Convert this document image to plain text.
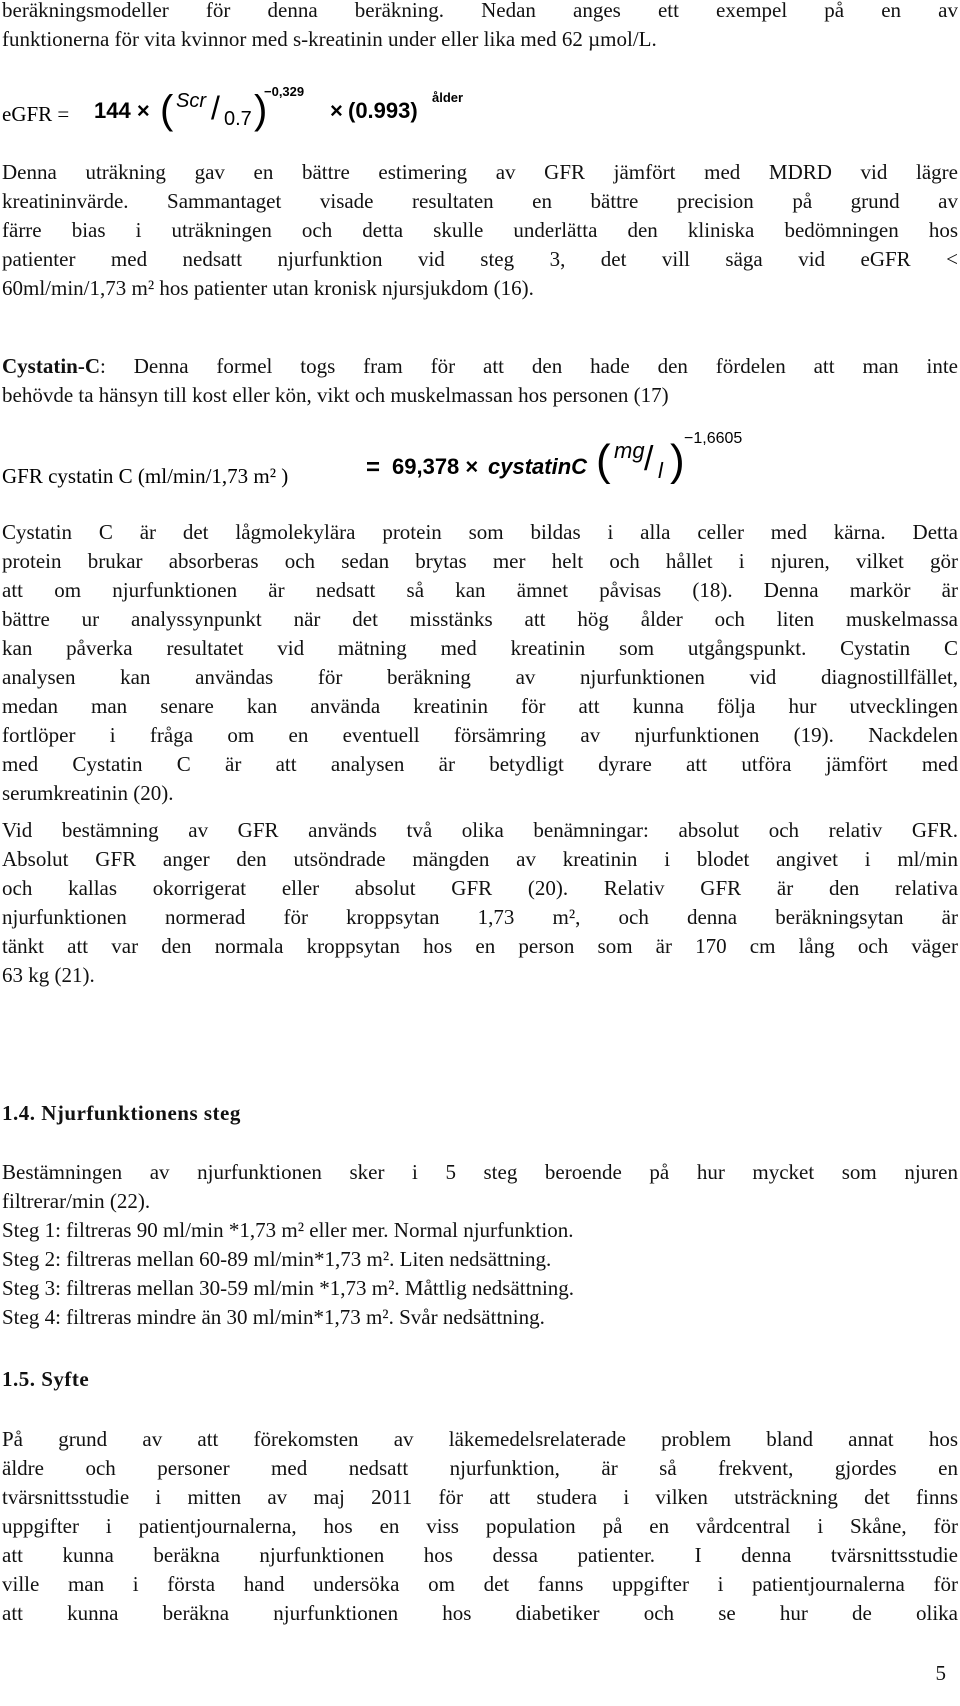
beräkningsmodeller för denna beräkning. Nedan anges ett exempel på en av
funktionerna för vita kvinnor med s-kreatinin under eller lika med 62 µmol/L.
eGFR = 144 × ( Scr / 0.7 )
−0,329
× (0.993)
ålder
Denna uträkning gav en bättre estimering av GFR jämfört med MDRD vid lägre
kreatininvärde. Sammantaget visade resultaten en bättre precision på grund av
färre bias i uträkningen och detta skulle underlätta den kliniska bedömningen hos
patienter med nedsatt njurfunktion vid steg 3, det vill säga vid eGFR <
60ml/min/1,73 m² hos patienter utan kronisk njursjukdom (16).
Cystatin-C: Denna formel togs fram för att den hade den fördelen att man inte
behövde ta hänsyn till kost eller kön, vikt och muskelmassan hos personen (17)
GFR cystatin C (ml/min/1,73 m² )	= 69,378 × cystatinC ( mg / l ) −1,6605
Cystatin C är det lågmolekylära protein som bildas i alla celler med kärna. Detta
protein brukar absorberas och sedan brytas mer helt och hållet i njuren, vilket gör
att om njurfunktionen är nedsatt så kan ämnet påvisas (18). Denna markör är
bättre ur analyssynpunkt när det misstänks att hög ålder och liten muskelmassa
kan påverka resultatet vid mätning med kreatinin som utgångspunkt. Cystatin C
analysen kan användas för beräkning av njurfunktionen vid diagnostillfället,
medan man senare kan använda kreatinin för att kunna följa hur utvecklingen
fortlöper i fråga om en eventuell försämring av njurfunktionen (19). Nackdelen
med Cystatin C är att analysen är betydligt dyrare att utföra jämfört med
serumkreatinin (20).
Vid bestämning av GFR används två olika benämningar: absolut och relativ GFR.
Absolut GFR anger den utsöndrade mängden av kreatinin i blodet angivet i ml/min
och kallas okorrigerat eller absolut GFR (20). Relativ GFR är den relativa
njurfunktionen normerad för kroppsytan 1,73 m², och denna beräkningsytan är
tänkt att var den normala kroppsytan hos en person som är 170 cm lång och väger
63 kg (21).
1.4. Njurfunktionens steg
Bestämningen av njurfunktionen sker i 5 steg beroende på hur mycket som njuren
filtrerar/min (22).
Steg 1: filtreras 90 ml/min *1,73 m² eller mer. Normal njurfunktion.
Steg 2: filtreras mellan 60-89 ml/min*1,73 m². Liten nedsättning.
Steg 3: filtreras mellan 30-59 ml/min *1,73 m². Måttlig nedsättning.
Steg 4: filtreras mindre än 30 ml/min*1,73 m². Svår nedsättning.
1.5. Syfte
På grund av att förekomsten av läkemedelsrelaterade problem bland annat hos
äldre och personer med nedsatt njurfunktion, är så frekvent, gjordes en
tvärsnittsstudie i mitten av maj 2011 för att studera i vilken utsträckning det finns
uppgifter i patientjournalerna, hos en viss population på en vårdcentral i Skåne, för
att kunna beräkna njurfunktionen hos dessa patienter. I denna tvärsnittsstudie
ville man i första hand undersöka om det fanns uppgifter i patientjournalerna för
att kunna beräkna njurfunktionen hos diabetiker och se hur de olika
5
